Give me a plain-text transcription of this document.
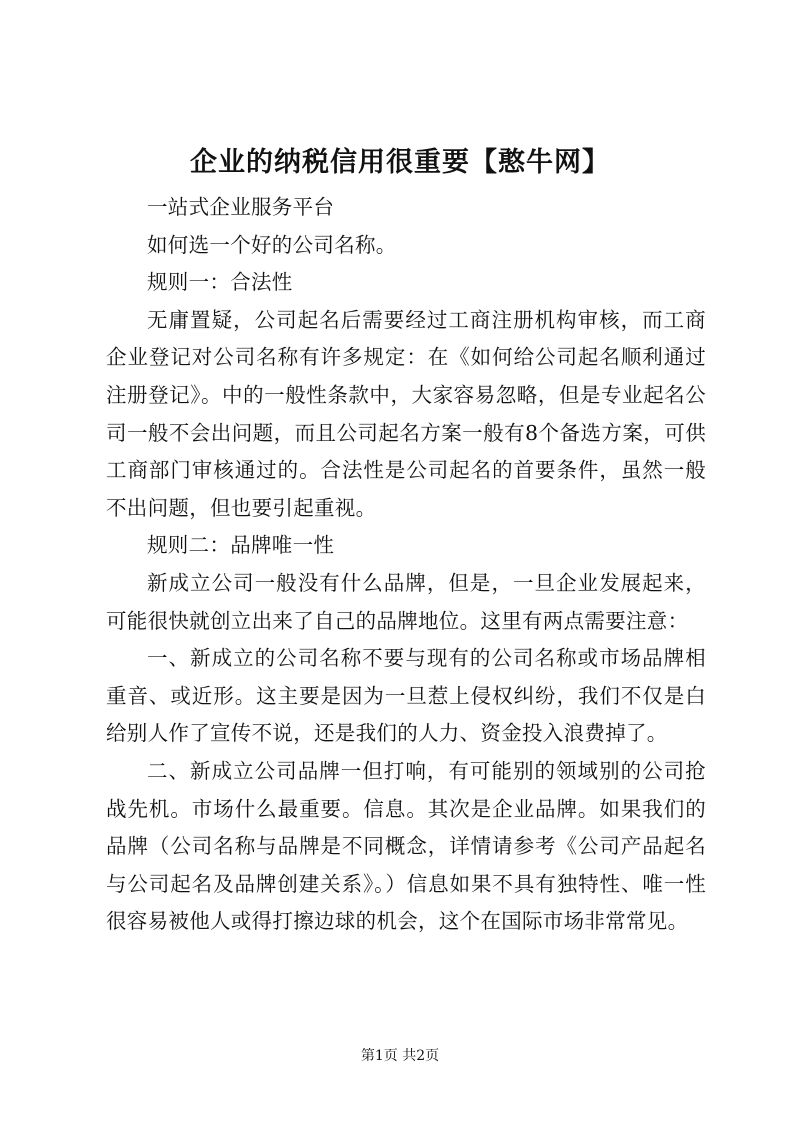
企业的纳税信用很重要【憨牛网】

一站式企业服务平台

如何选一个好的公司名称。

规则一：合法性

无庸置疑，公司起名后需要经过工商注册机构审核，而工商企业登记对公司名称有许多规定：在《如何给公司起名顺利通过注册登记》。中的一般性条款中，大家容易忽略，但是专业起名公司一般不会出问题，而且公司起名方案一般有8个备选方案，可供工商部门审核通过的。合法性是公司起名的首要条件，虽然一般不出问题，但也要引起重视。

规则二：品牌唯一性

新成立公司一般没有什么品牌，但是，一旦企业发展起来，可能很快就创立出来了自己的品牌地位。这里有两点需要注意：

一、新成立的公司名称不要与现有的公司名称或市场品牌相重音、或近形。这主要是因为一旦惹上侵权纠纷，我们不仅是白给别人作了宣传不说，还是我们的人力、资金投入浪费掉了。

二、新成立公司品牌一但打响，有可能别的领域别的公司抢战先机。市场什么最重要。信息。其次是企业品牌。如果我们的品牌（公司名称与品牌是不同概念，详情请参考《公司产品起名与公司起名及品牌创建关系》。）信息如果不具有独特性、唯一性很容易被他人或得打擦边球的机会，这个在国际市场非常常见。

第1页 共2页
